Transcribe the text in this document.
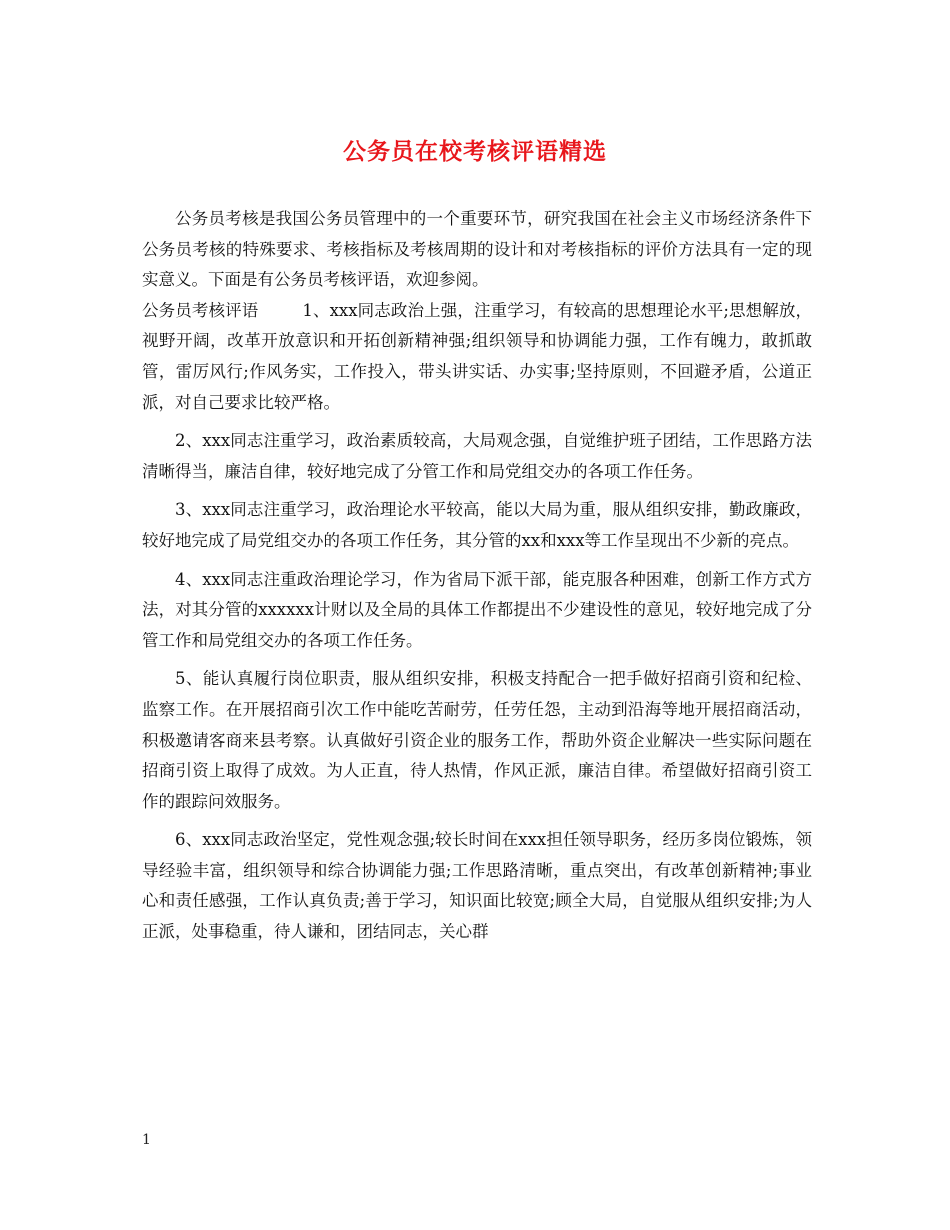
公务员在校考核评语精选

公务员考核是我国公务员管理中的一个重要环节，研究我国在社会主义市场经济条件下公务员考核的特殊要求、考核指标及考核周期的设计和对考核指标的评价方法具有一定的现实意义。下面是有公务员考核评语，欢迎参阅。

公务员考核评语	1、xxx同志政治上强，注重学习，有较高的思想理论水平;思想解放，视野开阔，改革开放意识和开拓创新精神强;组织领导和协调能力强，工作有魄力，敢抓敢管，雷厉风行;作风务实，工作投入，带头讲实话、办实事;坚持原则，不回避矛盾，公道正派，对自己要求比较严格。

2、xxx同志注重学习，政治素质较高，大局观念强，自觉维护班子团结，工作思路方法清晰得当，廉洁自律，较好地完成了分管工作和局党组交办的各项工作任务。

3、xxx同志注重学习，政治理论水平较高，能以大局为重，服从组织安排，勤政廉政，较好地完成了局党组交办的各项工作任务，其分管的xx和xxx等工作呈现出不少新的亮点。

4、xxx同志注重政治理论学习，作为省局下派干部，能克服各种困难，创新工作方式方法，对其分管的xxxxxx计财以及全局的具体工作都提出不少建设性的意见，较好地完成了分管工作和局党组交办的各项工作任务。

5、能认真履行岗位职责，服从组织安排，积极支持配合一把手做好招商引资和纪检、监察工作。在开展招商引次工作中能吃苦耐劳，任劳任怨，主动到沿海等地开展招商活动，积极邀请客商来县考察。认真做好引资企业的服务工作，帮助外资企业解决一些实际问题在招商引资上取得了成效。为人正直，待人热情，作风正派，廉洁自律。希望做好招商引资工作的跟踪问效服务。

6、xxx同志政治坚定，党性观念强;较长时间在xxx担任领导职务，经历多岗位锻炼，领导经验丰富，组织领导和综合协调能力强;工作思路清晰，重点突出，有改革创新精神;事业心和责任感强，工作认真负责;善于学习，知识面比较宽;顾全大局，自觉服从组织安排;为人正派，处事稳重，待人谦和，团结同志，关心群

1
